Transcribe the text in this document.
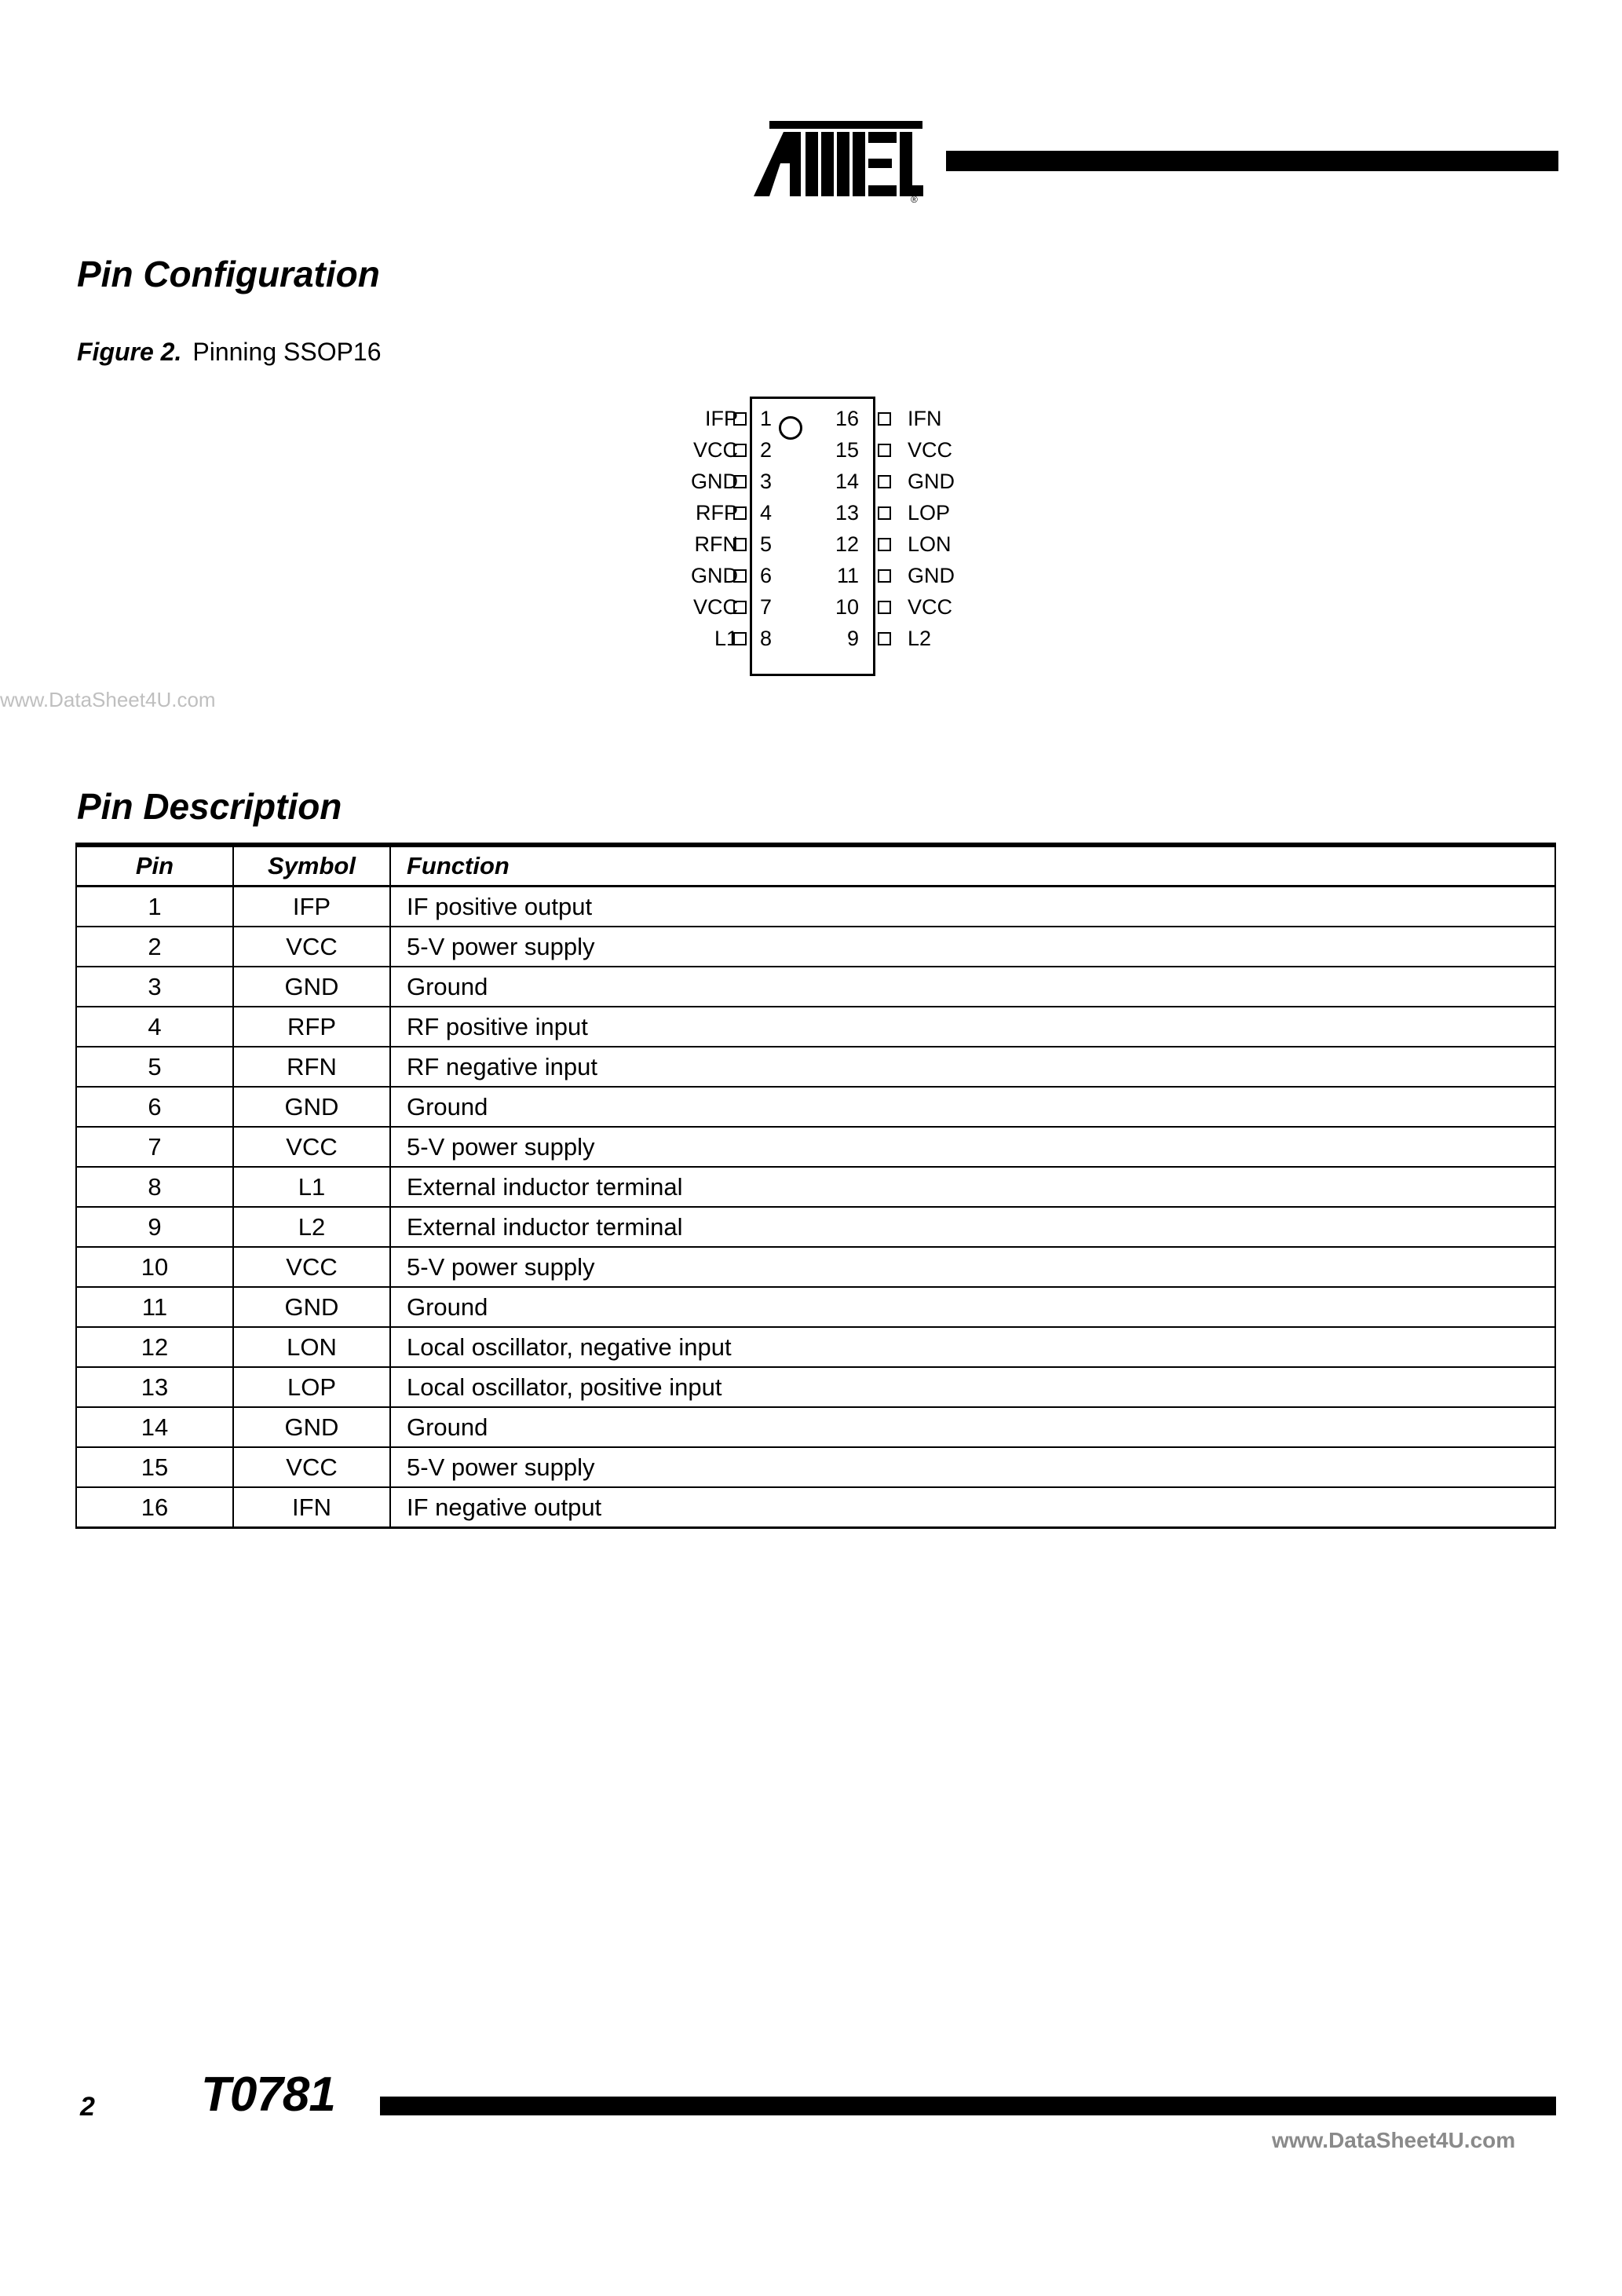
®
Pin Configuration
Figure 2. Pinning SSOP16
IFP 1	16 IFN
VCC 2	15 VCC
GND 3	14 GND
RFP 4	13 LOP
RFN 5	12 LON
GND 6	11 GND
VCC 7	10 VCC
L1 8	9 L2
www.DataSheet4U.com
Pin Description
Pin	Symbol	Function
1	IFP	IF positive output
2	VCC	5-V power supply
3	GND	Ground
4	RFP	RF positive input
5	RFN	RF negative input
6	GND	Ground
7	VCC	5-V power supply
8	L1	External inductor terminal
9	L2	External inductor terminal
10	VCC	5-V power supply
11	GND	Ground
12	LON	Local oscillator, negative input
13	LOP	Local oscillator, positive input
14	GND	Ground
15	VCC	5-V power supply
16	IFN	IF negative output
2 T0781
www.DataSheet4U.com
